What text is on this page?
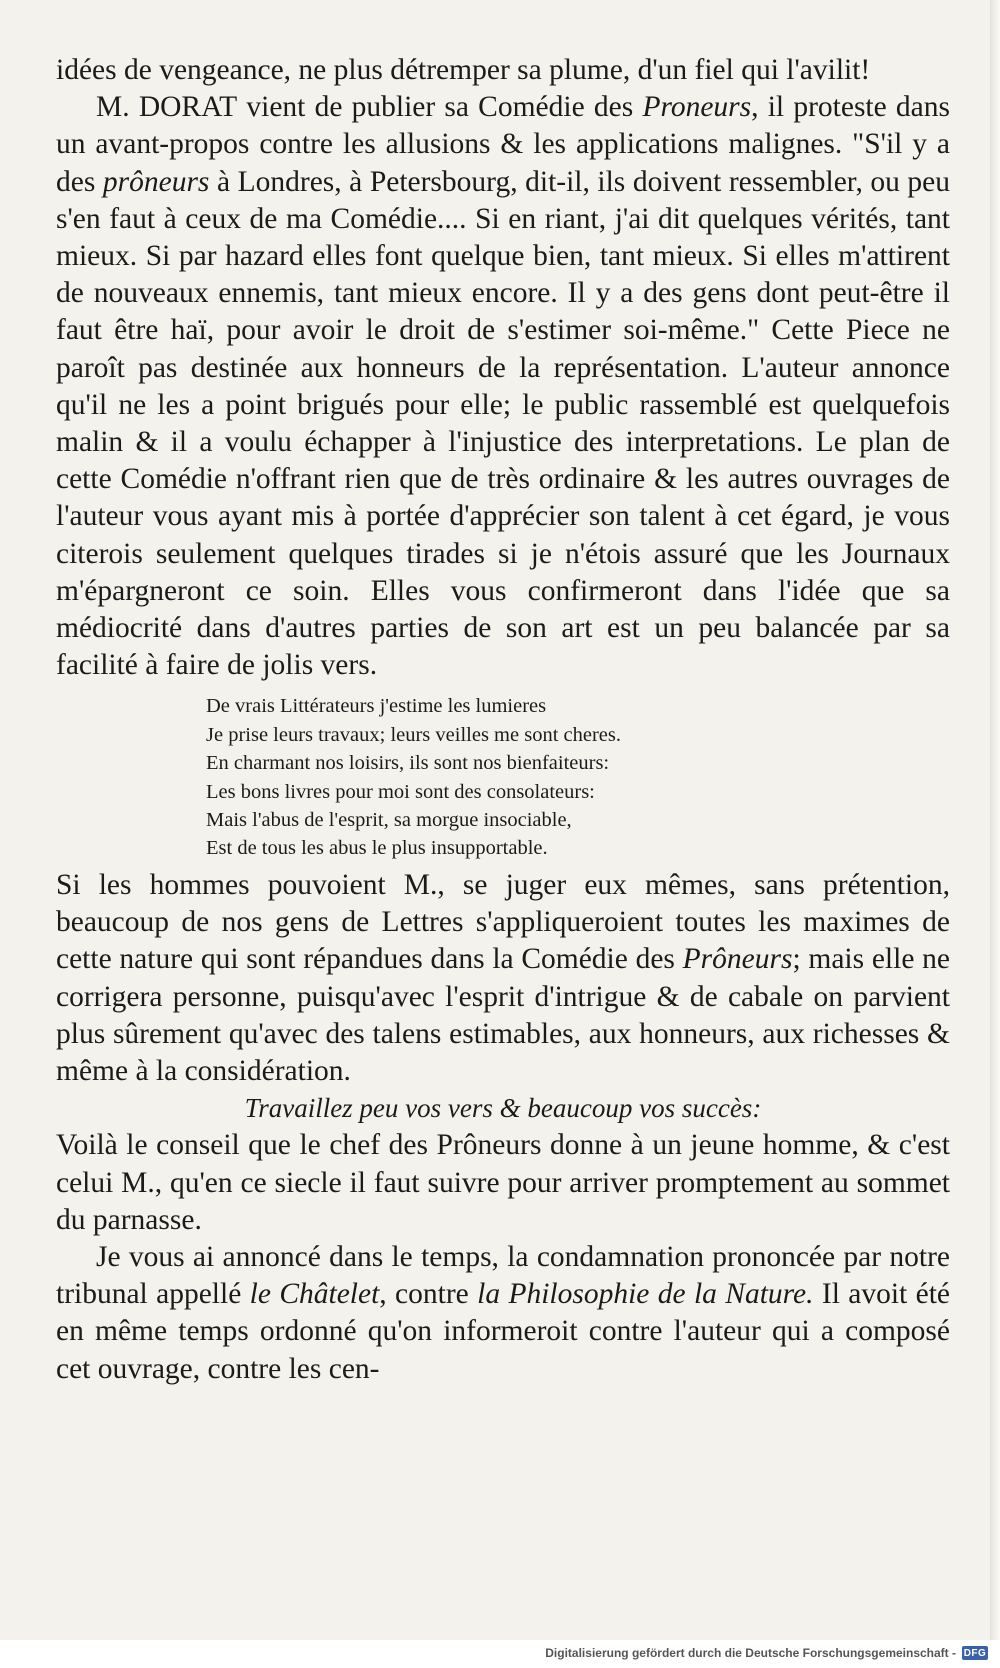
idées de vengeance, ne plus détremper sa plume, d'un fiel qui l'avilit!

M. DORAT vient de publier sa Comédie des Proneurs, il proteste dans un avant-propos contre les allusions & les applications malignes. "S'il y a des prôneurs à Londres, à Petersbourg, dit-il, ils doivent ressembler, ou peu s'en faut à ceux de ma Comédie.... Si en riant, j'ai dit quelques vérités, tant mieux. Si par hazard elles font quelque bien, tant mieux. Si elles m'attirent de nouveaux ennemis, tant mieux encore. Il y a des gens dont peut-être il faut être haï, pour avoir le droit de s'estimer soi-même." Cette Piece ne paroît pas destinée aux honneurs de la représentation. L'auteur annonce qu'il ne les a point brigués pour elle; le public rassemblé est quelquefois malin & il a voulu échapper à l'injustice des interpretations. Le plan de cette Comédie n'offrant rien que de très ordinaire & les autres ouvrages de l'auteur vous ayant mis à portée d'apprécier son talent à cet égard, je vous citerois seulement quelques tirades si je n'étois assuré que les Journaux m'épargneront ce soin. Elles vous confirmeront dans l'idée que sa médiocrité dans d'autres parties de son art est un peu balancée par sa facilité à faire de jolis vers.

De vrais Littérateurs j'estime les lumieres
Je prise leurs travaux; leurs veilles me sont cheres.
En charmant nos loisirs, ils sont nos bienfaiteurs:
Les bons livres pour moi sont des consolateurs:
Mais l'abus de l'esprit, sa morgue insociable,
Est de tous les abus le plus insupportable.

Si les hommes pouvoient M., se juger eux mêmes, sans prétention, beaucoup de nos gens de Lettres s'appliqueroient toutes les maximes de cette nature qui sont répandues dans la Comédie des Prôneurs; mais elle ne corrigera personne, puisqu'avec l'esprit d'intrigue & de cabale on parvient plus sûrement qu'avec des talens estimables, aux honneurs, aux richesses & même à la considération.

Travaillez peu vos vers & beaucoup vos succès:

Voilà le conseil que le chef des Prôneurs donne à un jeune homme, & c'est celui M., qu'en ce siecle il faut suivre pour arriver promptement au sommet du parnasse.

Je vous ai annoncé dans le temps, la condamnation prononcée par notre tribunal appellé le Châtelet, contre la Philosophie de la Nature. Il avoit été en même temps ordonné qu'on informeroit contre l'auteur qui a composé cet ouvrage, contre les cen-

Digitalisierung gefördert durch die Deutsche Forschungsgemeinschaft - DFG
